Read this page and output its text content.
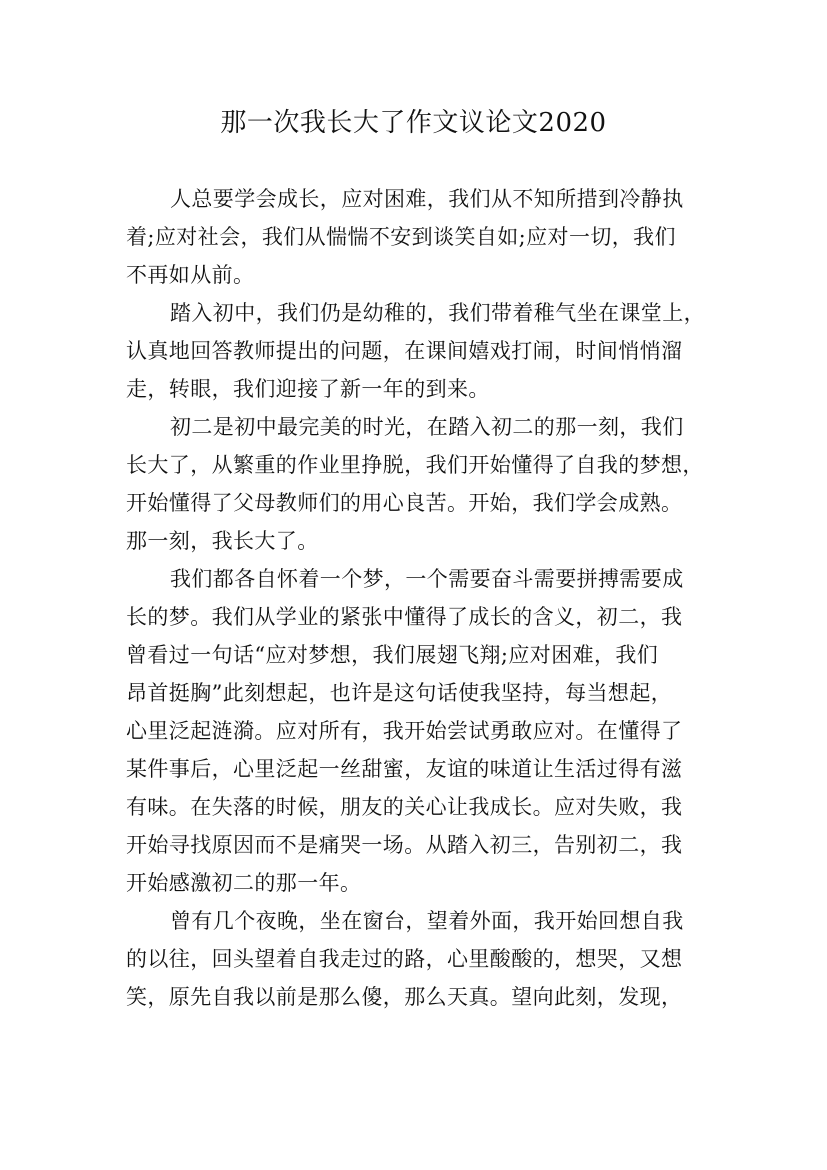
那一次我长大了作文议论文2020
人总要学会成长，应对困难，我们从不知所措到冷静执
着;应对社会，我们从惴惴不安到谈笑自如;应对一切，我们
不再如从前。
踏入初中，我们仍是幼稚的，我们带着稚气坐在课堂上，
认真地回答教师提出的问题，在课间嬉戏打闹，时间悄悄溜
走，转眼，我们迎接了新一年的到来。
初二是初中最完美的时光，在踏入初二的那一刻，我们
长大了，从繁重的作业里挣脱，我们开始懂得了自我的梦想，
开始懂得了父母教师们的用心良苦。开始，我们学会成熟。
那一刻，我长大了。
我们都各自怀着一个梦，一个需要奋斗需要拼搏需要成
长的梦。我们从学业的紧张中懂得了成长的含义，初二，我
曾看过一句话“应对梦想，我们展翅飞翔;应对困难，我们
昂首挺胸”此刻想起，也许是这句话使我坚持，每当想起，
心里泛起涟漪。应对所有，我开始尝试勇敢应对。在懂得了
某件事后，心里泛起一丝甜蜜，友谊的味道让生活过得有滋
有味。在失落的时候，朋友的关心让我成长。应对失败，我
开始寻找原因而不是痛哭一场。从踏入初三，告别初二，我
开始感激初二的那一年。
曾有几个夜晚，坐在窗台，望着外面，我开始回想自我
的以往，回头望着自我走过的路，心里酸酸的，想哭，又想
笑，原先自我以前是那么傻，那么天真。望向此刻，发现，
